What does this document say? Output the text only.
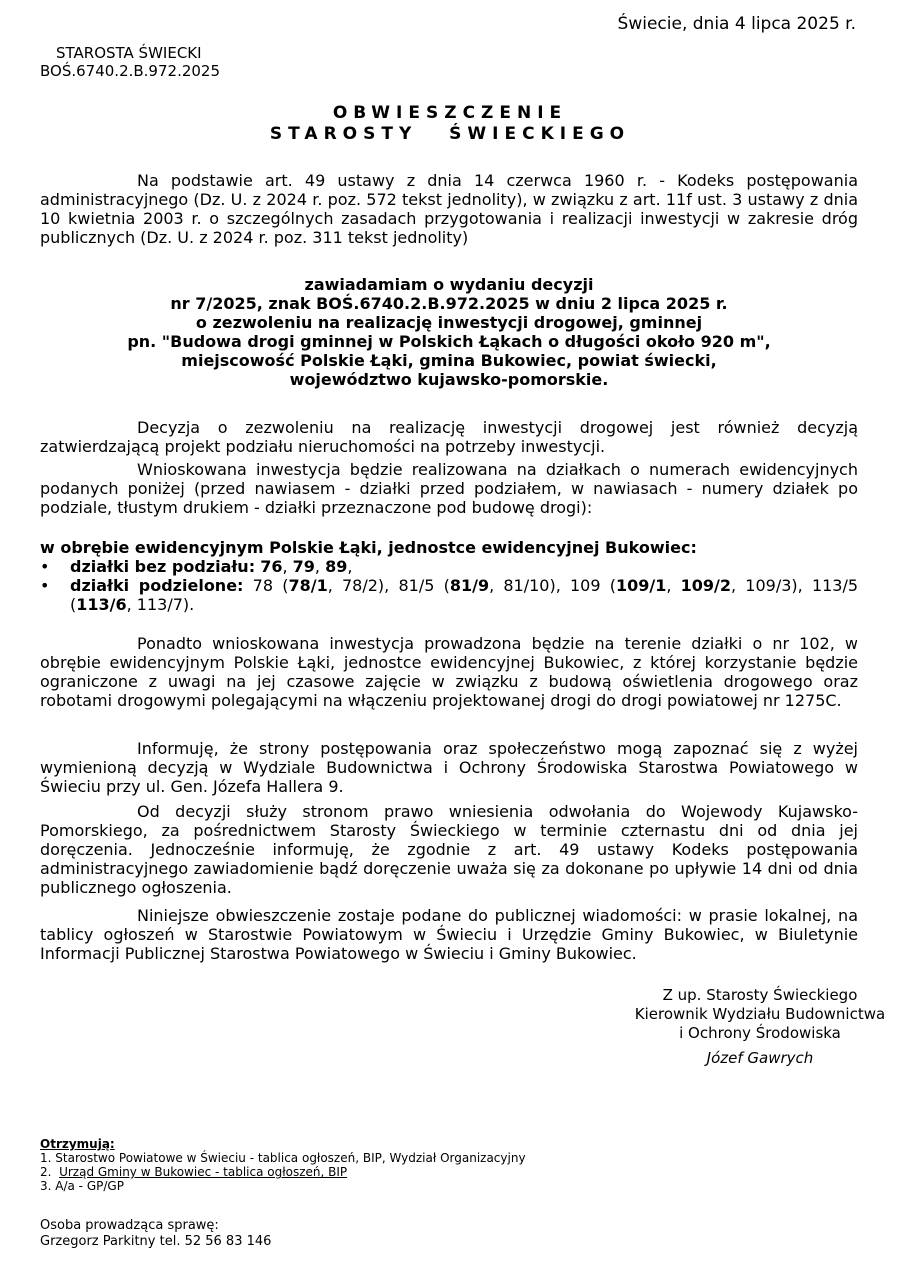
Świecie, dnia 4 lipca 2025 r.
STAROSTA ŚWIECKI
BOŚ.6740.2.B.972.2025
OBWIESZCZENIE
STAROSTY ŚWIECKIEGO
Na podstawie art. 49 ustawy z dnia 14 czerwca 1960 r. - Kodeks postępowania administracyjnego (Dz. U. z 2024 r. poz. 572 tekst jednolity), w związku z art. 11f ust. 3 ustawy z dnia 10 kwietnia 2003 r. o szczególnych zasadach przygotowania i realizacji inwestycji w zakresie dróg publicznych (Dz. U. z 2024 r. poz. 311 tekst jednolity)
zawiadamiam o wydaniu decyzji
nr 7/2025, znak BOŚ.6740.2.B.972.2025 w dniu 2 lipca 2025 r.
o zezwoleniu na realizację inwestycji drogowej, gminnej
pn. "Budowa drogi gminnej w Polskich Łąkach o długości około 920 m",
miejscowość Polskie Łąki, gmina Bukowiec, powiat świecki,
województwo kujawsko-pomorskie.
Decyzja o zezwoleniu na realizację inwestycji drogowej jest również decyzją zatwierdzającą projekt podziału nieruchomości na potrzeby inwestycji.
Wnioskowana inwestycja będzie realizowana na działkach o numerach ewidencyjnych podanych poniżej (przed nawiasem - działki przed podziałem, w nawiasach - numery działek po podziale, tłustym drukiem - działki przeznaczone pod budowę drogi):
w obrębie ewidencyjnym Polskie Łąki, jednostce ewidencyjnej Bukowiec:
• działki bez podziału: 76, 79, 89,
• działki podzielone: 78 (78/1, 78/2), 81/5 (81/9, 81/10), 109 (109/1, 109/2, 109/3), 113/5 (113/6, 113/7).
Ponadto wnioskowana inwestycja prowadzona będzie na terenie działki o nr 102, w obrębie ewidencyjnym Polskie Łąki, jednostce ewidencyjnej Bukowiec, z której korzystanie będzie ograniczone z uwagi na jej czasowe zajęcie w związku z budową oświetlenia drogowego oraz robotami drogowymi polegającymi na włączeniu projektowanej drogi do drogi powiatowej nr 1275C.
Informuję, że strony postępowania oraz społeczeństwo mogą zapoznać się z wyżej wymienioną decyzją w Wydziale Budownictwa i Ochrony Środowiska Starostwa Powiatowego w Świeciu przy ul. Gen. Józefa Hallera 9.
Od decyzji służy stronom prawo wniesienia odwołania do Wojewody Kujawsko-Pomorskiego, za pośrednictwem Starosty Świeckiego w terminie czternastu dni od dnia jej doręczenia. Jednocześnie informuję, że zgodnie z art. 49 ustawy Kodeks postępowania administracyjnego zawiadomienie bądź doręczenie uważa się za dokonane po upływie 14 dni od dnia publicznego ogłoszenia.
Niniejsze obwieszczenie zostaje podane do publicznej wiadomości: w prasie lokalnej, na tablicy ogłoszeń w Starostwie Powiatowym w Świeciu i Urzędzie Gminy Bukowiec, w Biuletynie Informacji Publicznej Starostwa Powiatowego w Świeciu i Gminy Bukowiec.
Z up. Starosty Świeckiego
Kierownik Wydziału Budownictwa
i Ochrony Środowiska
Józef Gawrych
Otrzymują:
1. Starostwo Powiatowe w Świeciu - tablica ogłoszeń, BIP, Wydział Organizacyjny
2.  Urząd Gminy w Bukowiec - tablica ogłoszeń, BIP
3. A/a - GP/GP
Osoba prowadząca sprawę:
Grzegorz Parkitny tel. 52 56 83 146
